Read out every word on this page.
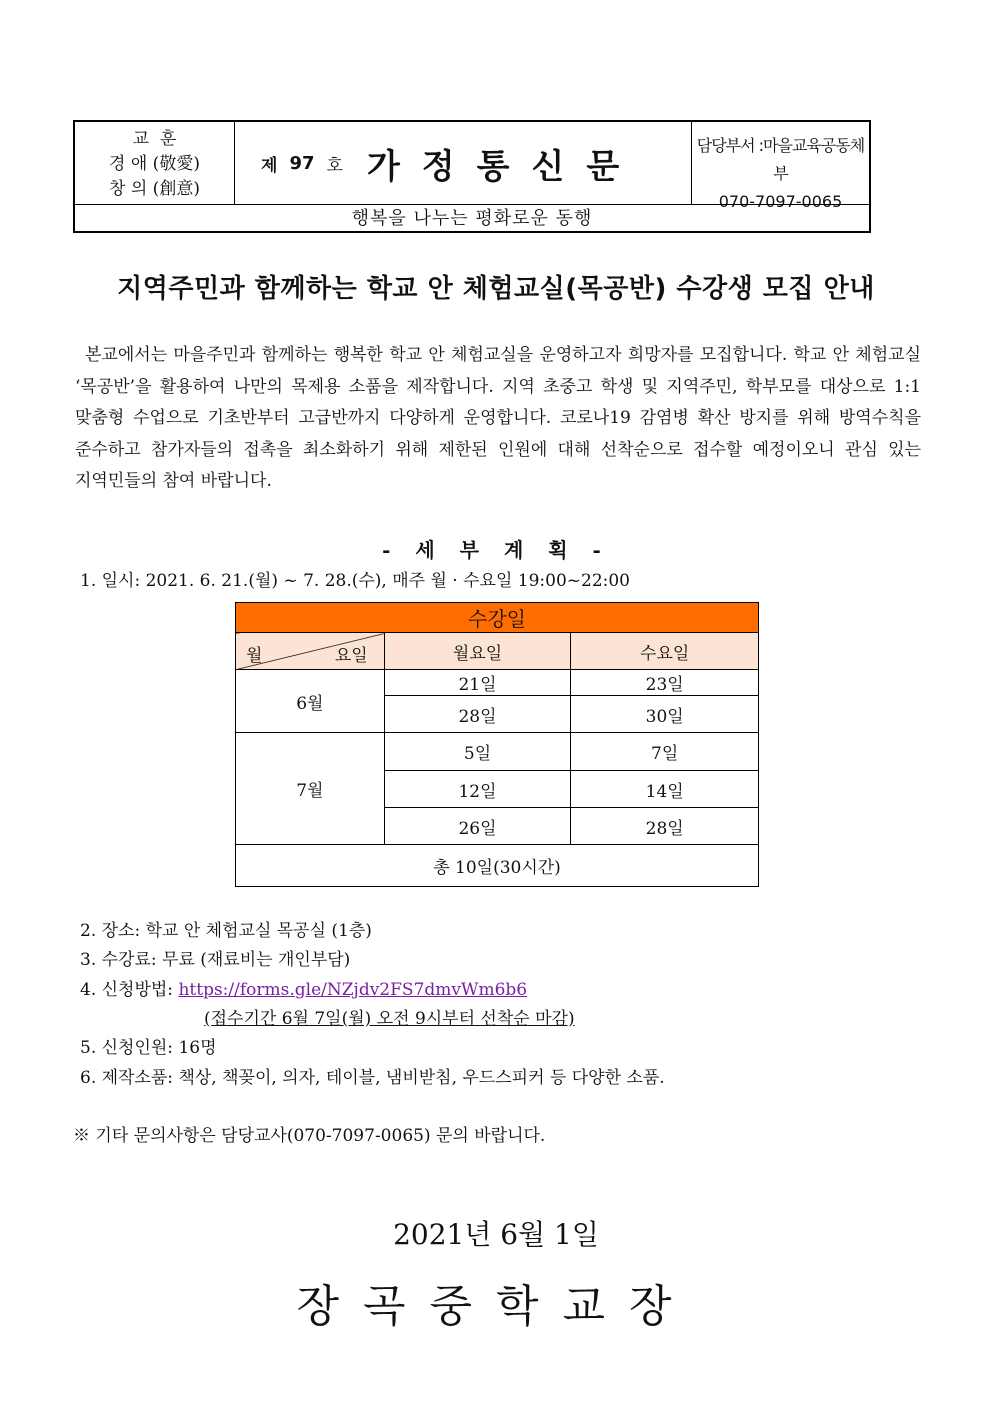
교  훈
경 애 (敬愛)
창 의 (創意)
제 97 호 가정통신문
담당부서 :마을교육공동체부
070-7097-0065
행복을 나누는 평화로운 동행
지역주민과 함께하는 학교 안 체험교실(목공반) 수강생 모집 안내
본교에서는 마을주민과 함께하는 행복한 학교 안 체험교실을 운영하고자 희망자를 모집합니다. 학교 안 체험교실 ‘목공반’을 활용하여 나만의 목제용 소품을 제작합니다. 지역 초중고 학생 및 지역주민, 학부모를 대상으로 1:1 맞춤형 수업으로 기초반부터 고급반까지 다양하게 운영합니다. 코로나19 감염병 확산 방지를 위해 방역수칙을 준수하고 참가자들의 접촉을 최소화하기 위해 제한된 인원에 대해 선착순으로 접수할 예정이오니 관심 있는 지역민들의 참여 바랍니다.
- 세 부 계 획 -
1. 일시: 2021. 6. 21.(월) ~ 7. 28.(수), 매주 월 · 수요일 19:00~22:00
수강일		

월 요일	월요일	수요일
6월	21일	23일
	28일	30일
7월	5일	7일
	12일	14일
	26일	28일
총 10일(30시간)		
2. 장소: 학교 안 체험교실 목공실 (1층)
3. 수강료: 무료 (재료비는 개인부담)
4. 신청방법: https://forms.gle/NZjdv2FS7dmvWm6b6
(접수기간 6월 7일(월) 오전 9시부터 선착순 마감)
5. 신청인원: 16명
6. 제작소품: 책상, 책꽂이, 의자, 테이블, 냄비받침, 우드스피커 등 다양한 소품.
※ 기타 문의사항은 담당교사(070-7097-0065) 문의 바랍니다.
2021년 6월 1일
장곡중학교장
